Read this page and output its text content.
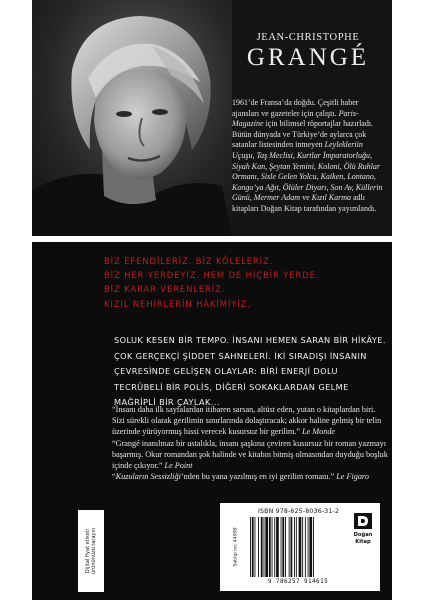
JEAN-CHRISTOPHE
GRANGÉ

1961’de Fransa’da doğdu. Çeşitli haber ajansları ve gazeteler için çalıştı. Paris-Magazine için bilimsel röportajlar hazırladı. Bütün dünyada ve Türkiye’de aylarca çok satanlar listesinden inmeyen Leylekleriin Uçuşu, Taş Meclisi, Kurtlar İmparatorluğu, Siyah Kan, Şeytan Yemini, Koloni, Ölü Ruhlar Ormanı, Sisle Gelen Yolcu, Kaiken, Lontano, Kongo’ya Ağıt, Ölüler Diyarı, Son Av, Küllerin Günü, Mermer Adam ve Kızıl Karma adlı kitapları Doğan Kitap tarafından yayımlandı.

BİZ EFENDİLERİZ. BİZ KÖLELERİZ.
BİZ HER YERDEYİZ. HEM DE HİÇBİR YERDE.
BİZ KARAR VERENLERİZ.
KIZIL NEHİRLERİN HÂKİMİYİZ.

SOLUK KESEN BİR TEMPO. İNSANI HEMEN SARAN BİR HİKÂYE. ÇOK GERÇEKÇİ ŞİDDET SAHNELERİ. İKİ SIRADIŞI İNSANIN ÇEVRESİNDE GELİŞEN OLAYLAR: BİRİ ENERJİ DOLU TECRÜBELİ BİR POLİS, DİĞERİ SOKAKLARDAN GELME MAĞRİPLİ BİR ÇAYLAK...

“İnsanı daha ilk sayfalardan itibaren sarsan, altüst eden, yutan o kitaplardan biri. Sizi sürekli olarak gerilimin sınırlarında dolaştıracak; akkor haline gelmiş bir telin üzerinde yürüyormuş hissi verecek kusursuz bir gerilim.” Le Monde

“Grangé inanılmaz bir ustalıkla, insanı şaşkına çeviren kusursuz bir roman yazmayı başarmış. Okur romandan şok halinde ve kitabın bitmiş olmasından duyduğu boşluk içinde çıkıyor.” Le Point

“Kuzuların Sessizliği’nden bu yana yazılmış en iyi gerilim romanı.” Le Figaro

Dijital fiyat etiketi ürününüzü tarayın	Satılıp no: 44999
ISBN 978-625-8036-31-2
9 786257 914615
Doğan
Kitap
